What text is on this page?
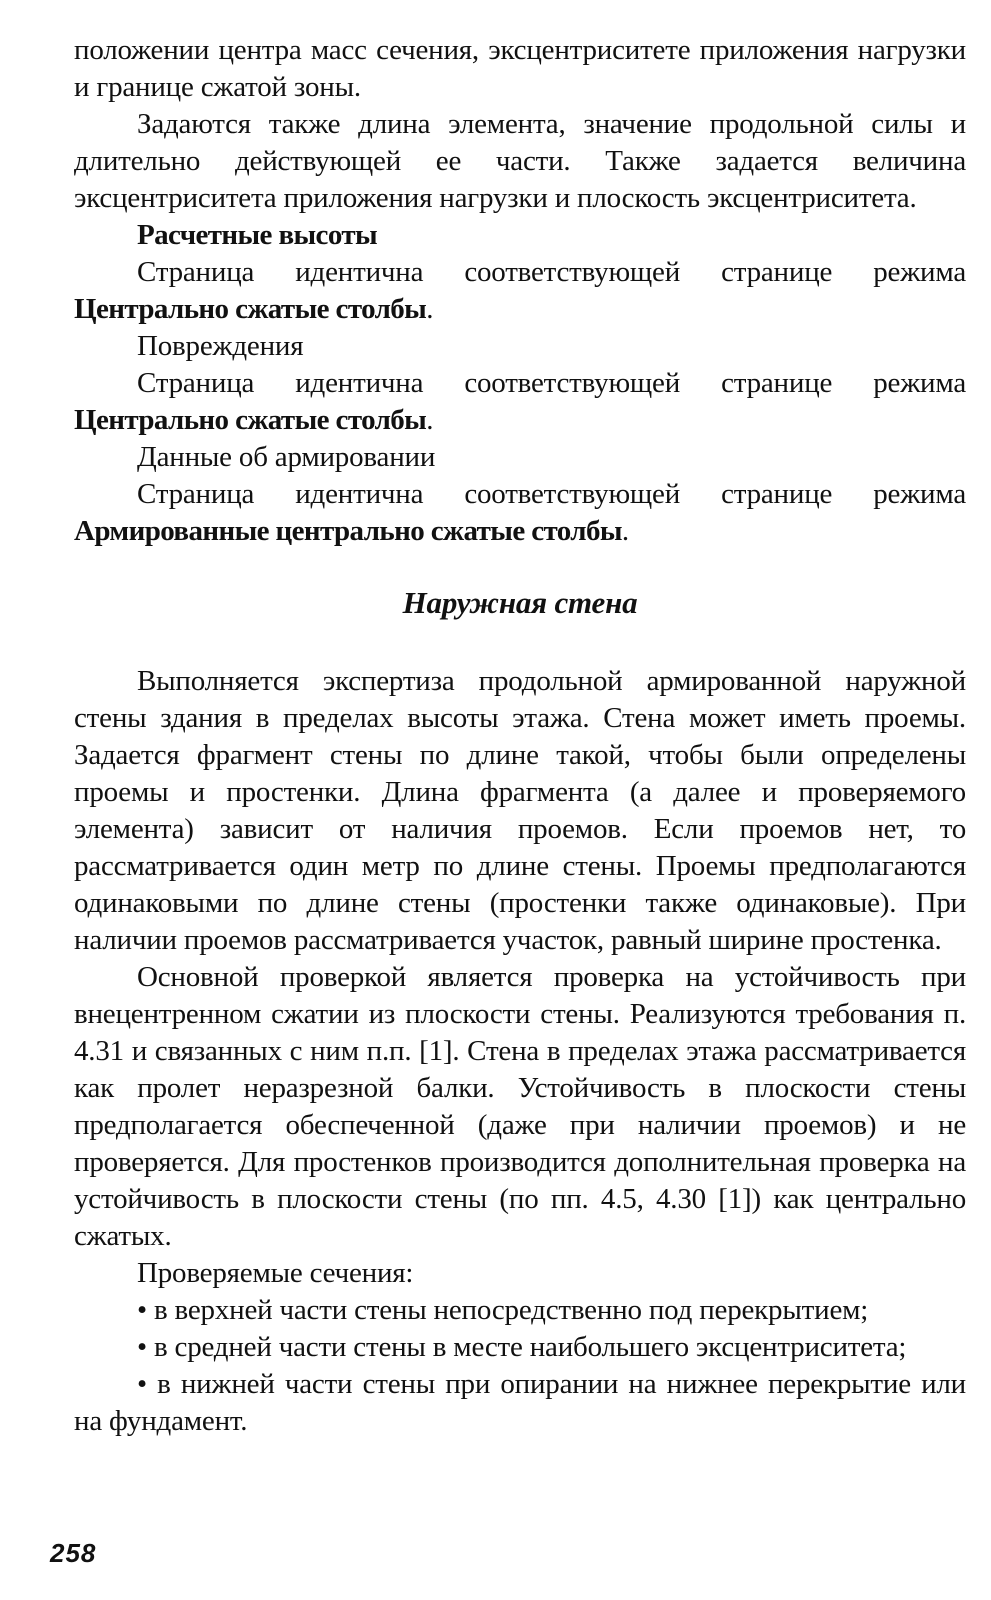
положении центра масс сечения, эксцентриситете приложения нагрузки и границе сжатой зоны.

Задаются также длина элемента, значение продольной силы и длительно действующей ее части. Также задается величина эксцентриситета приложения нагрузки и плоскость эксцентриситета.

Расчетные высоты

Страница идентична соответствующей странице режима Центрально сжатые столбы.

Повреждения

Страница идентична соответствующей странице режима Центрально сжатые столбы.

Данные об армировании

Страница идентична соответствующей странице режима Армированные центрально сжатые столбы.

Наружная стена

Выполняется экспертиза продольной армированной наружной стены здания в пределах высоты этажа. Стена может иметь проемы. Задается фрагмент стены по длине такой, чтобы были определены проемы и простенки. Длина фрагмента (а далее и проверяемого элемента) зависит от наличия проемов. Если проемов нет, то рассматривается один метр по длине стены. Проемы предполагаются одинаковыми по длине стены (простенки также одинаковые). При наличии проемов рассматривается участок, равный ширине простенка.

Основной проверкой является проверка на устойчивость при внецентренном сжатии из плоскости стены. Реализуются требования п. 4.31 и связанных с ним п.п. [1]. Стена в пределах этажа рассматривается как пролет неразрезной балки. Устойчивость в плоскости стены предполагается обеспеченной (даже при наличии проемов) и не проверяется. Для простенков производится дополнительная проверка на устойчивость в плоскости стены (по пп. 4.5, 4.30 [1]) как центрально сжатых.

Проверяемые сечения:

• в верхней части стены непосредственно под перекрытием;

• в средней части стены в месте наибольшего эксцентриситета;

• в нижней части стены при опирании на нижнее перекрытие или на фундамент.

258
